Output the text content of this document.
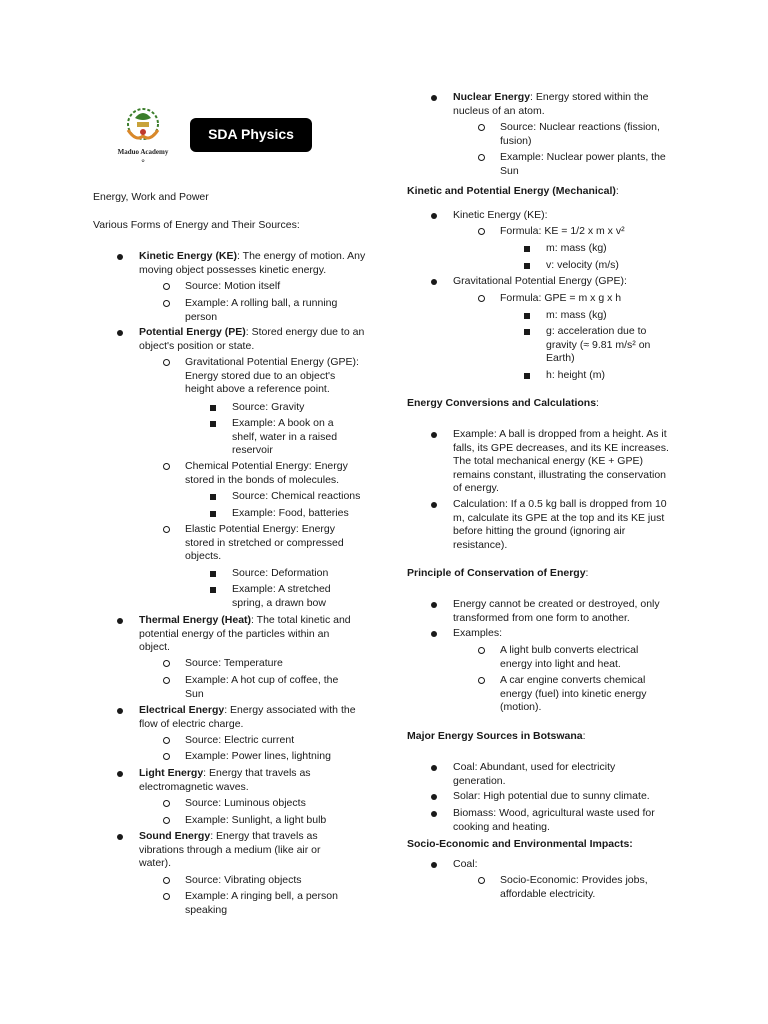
Maduo Academy
✿
SDA Physics
Energy, Work and Power
Various Forms of Energy and Their Sources:
Kinetic Energy (KE): The energy of motion. Any moving object possesses kinetic energy.
Source: Motion itself
Example: A rolling ball, a running person
Potential Energy (PE): Stored energy due to an object's position or state.
Gravitational Potential Energy (GPE): Energy stored due to an object's height above a reference point.
Source: Gravity
Example: A book on a shelf, water in a raised reservoir
Chemical Potential Energy: Energy stored in the bonds of molecules.
Source: Chemical reactions
Example: Food, batteries
Elastic Potential Energy: Energy stored in stretched or compressed objects.
Source: Deformation
Example: A stretched spring, a drawn bow
Thermal Energy (Heat): The total kinetic and potential energy of the particles within an object.
Source: Temperature
Example: A hot cup of coffee, the Sun
Electrical Energy: Energy associated with the flow of electric charge.
Source: Electric current
Example: Power lines, lightning
Light Energy: Energy that travels as electromagnetic waves.
Source: Luminous objects
Example: Sunlight, a light bulb
Sound Energy: Energy that travels as vibrations through a medium (like air or water).
Source: Vibrating objects
Example: A ringing bell, a person speaking
Nuclear Energy: Energy stored within the nucleus of an atom.
Source: Nuclear reactions (fission, fusion)
Example: Nuclear power plants, the Sun
Kinetic and Potential Energy (Mechanical):
Kinetic Energy (KE):
Formula: KE = 1/2 x m x v²
m: mass (kg)
v: velocity (m/s)
Gravitational Potential Energy (GPE):
Formula: GPE = m x g x h
m: mass (kg)
g: acceleration due to gravity (≈ 9.81 m/s² on Earth)
h: height (m)
Energy Conversions and Calculations:
Example: A ball is dropped from a height. As it falls, its GPE decreases, and its KE increases. The total mechanical energy (KE + GPE) remains constant, illustrating the conservation of energy.
Calculation: If a 0.5 kg ball is dropped from 10 m, calculate its GPE at the top and its KE just before hitting the ground (ignoring air resistance).
Principle of Conservation of Energy:
Energy cannot be created or destroyed, only transformed from one form to another.
Examples:
A light bulb converts electrical energy into light and heat.
A car engine converts chemical energy (fuel) into kinetic energy (motion).
Major Energy Sources in Botswana:
Coal: Abundant, used for electricity generation.
Solar: High potential due to sunny climate.
Biomass: Wood, agricultural waste used for cooking and heating.
Socio-Economic and Environmental Impacts:
Coal:
Socio-Economic: Provides jobs, affordable electricity.
